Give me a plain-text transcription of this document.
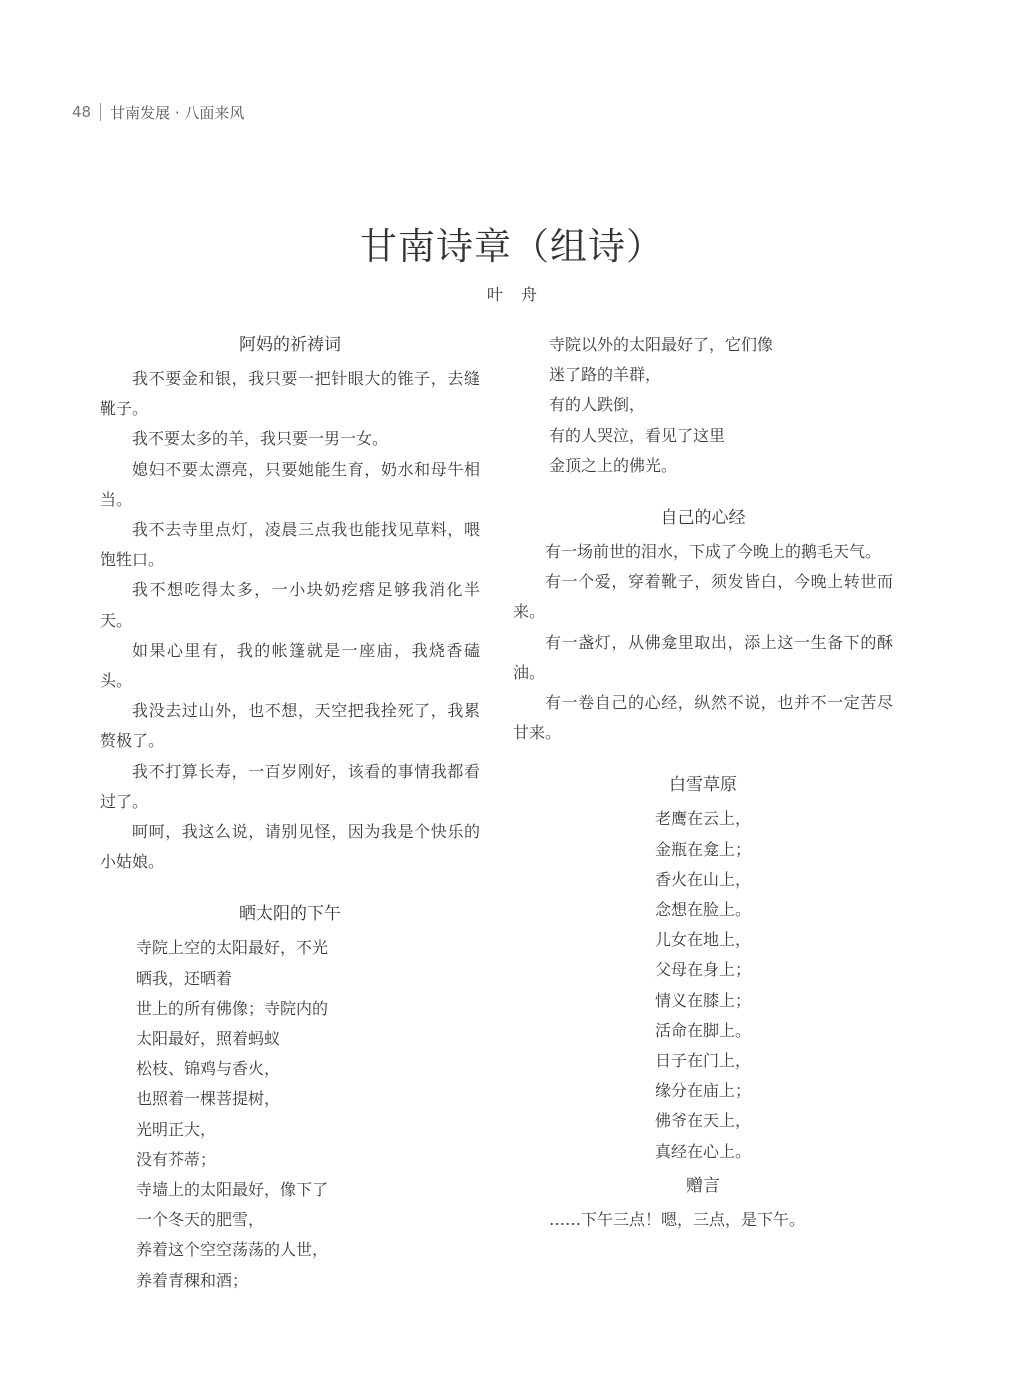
48 甘南发展 · 八面来风
甘南诗章（组诗）
叶舟
阿妈的祈祷词

我不要金和银，我只要一把针眼大的锥子，去缝靴子。

我不要太多的羊，我只要一男一女。

媳妇不要太漂亮，只要她能生育，奶水和母牛相当。

我不去寺里点灯，凌晨三点我也能找见草料，喂饱牲口。

我不想吃得太多，一小块奶疙瘩足够我消化半天。

如果心里有，我的帐篷就是一座庙，我烧香磕头。

我没去过山外，也不想，天空把我拴死了，我累赘极了。

我不打算长寿，一百岁刚好，该看的事情我都看过了。

呵呵，我这么说，请别见怪，因为我是个快乐的小姑娘。

晒太阳的下午

寺院上空的太阳最好，不光

晒我，还晒着

世上的所有佛像；寺院内的

太阳最好，照着蚂蚁

松枝、锦鸡与香火，

也照着一棵菩提树，

光明正大，

没有芥蒂；

寺墙上的太阳最好，像下了

一个冬天的肥雪，

养着这个空空荡荡的人世，

养着青稞和酒；

寺院以外的太阳最好了，它们像

迷了路的羊群，

有的人跌倒，

有的人哭泣，看见了这里

金顶之上的佛光。

自己的心经

有一场前世的泪水，下成了今晚上的鹅毛天气。

有一个爱，穿着靴子，须发皆白，今晚上转世而来。

有一盏灯，从佛龛里取出，添上这一生备下的酥油。

有一卷自己的心经，纵然不说，也并不一定苦尽甘来。

白雪草原

老鹰在云上，

金瓶在龛上；

香火在山上，

念想在脸上。

儿女在地上，

父母在身上；

情义在膝上；

活命在脚上。

日子在门上，

缘分在庙上；

佛爷在天上，

真经在心上。

赠言

……下午三点！嗯，三点，是下午。
